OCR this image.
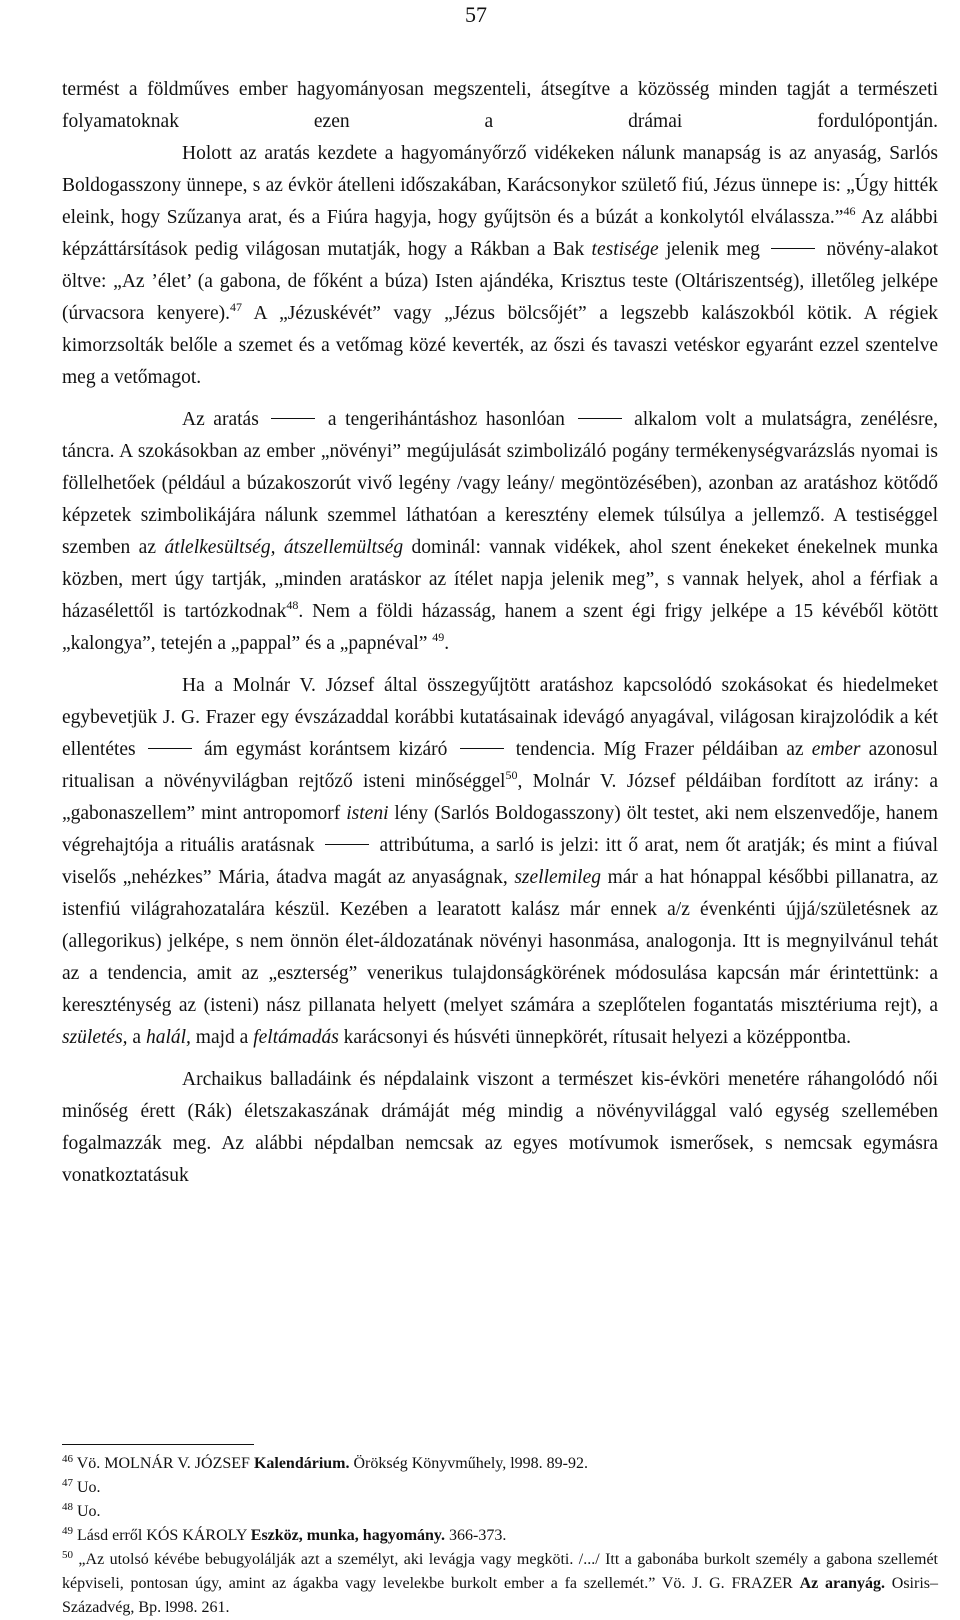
57

termést a földműves ember hagyományosan megszenteli, átsegítve a közösség minden tagját a természeti folyamatoknak ezen a drámai fordulópontján.

Holott az aratás kezdete a hagyományőrző vidékeken nálunk manapság is az anyaság, Sarlós Boldogasszony ünnepe, s az évkör átelleni időszakában, Karácsonykor születő fiú, Jézus ünnepe is: „Úgy hitték eleink, hogy Szűzanya arat, és a Fiúra hagyja, hogy gyűjtsön és a búzát a konkolytól elválassza.”$^{46}$ Az alábbi képzáttársítások pedig világosan mutatják, hogy a Rákban a Bak testisége jelenik meg	növény-alakot öltve: „Az ’élet’ (a gabona, de főként a búza) Isten ajándéka, Krisztus teste (Oltáriszentség), illetőleg jelképe (úrvacsora kenyere).$^{47}$ A „Jézuskévét” vagy „Jézus bölcsőjét” a legszebb kalászokból kötik. A régiek kimorzsolták belőle a szemet és a vetőmag közé keverték, az őszi és tavaszi vetéskor egyaránt ezzel szentelve meg a vetőmagot.

Az aratás	a tengerihántáshoz hasonlóan	alkalom volt a mulatságra, zenélésre, táncra. A szokásokban az ember „növényi” megújulását szimbolizáló pogány termékenységvarázslás nyomai is föllelhetőek (például a búzakoszorút vivő legény /vagy leány/ megöntözésében), azonban az aratáshoz kötődő képzetek szimbolikájára nálunk szemmel láthatóan a keresztény elemek túlsúlya a jellemző. A testiséggel szemben az átlelkesültség, átszellemültség dominál: vannak vidékek, ahol szent énekeket énekelnek munka közben, mert úgy tartják, „minden aratáskor az ítélet napja jelenik meg”, s vannak helyek, ahol a férfiak a házasélettől is tartózkodnak$^{48}$. Nem a földi házasság, hanem a szent égi frigy jelképe a 15 kévéből kötött „kalongya”, tetején a „pappal” és a „papnéval” $^{49}$.

Ha a Molnár V. József által összegyűjtött aratáshoz kapcsolódó szokásokat és hiedelmeket egybevetjük J. G. Frazer egy évszázaddal korábbi kutatásainak idevágó anyagával, világosan kirajzolódik a két ellentétes	ám egymást korántsem kizáró	tendencia. Míg Frazer példáiban az ember azonosul ritualisan a növényvilágban rejtőző isteni minőséggel$^{50}$, Molnár V. József példáiban fordított az irány: a „gabonaszellem” mint antropomorf isteni lény (Sarlós Boldogasszony) ölt testet, aki nem elszenvedője, hanem végrehajtója a rituális aratásnak	attribútuma, a sarló is jelzi: itt ő arat, nem őt aratják; és mint a fiúval viselős „nehézkes” Mária, átadva magát az anyaságnak, szellemileg már a hat hónappal későbbi pillanatra, az istenfiú világrahozatalára készül. Kezében a learatott kalász már ennek a/z évenkénti újjá/születésnek az (allegorikus) jelképe, s nem önnön élet-áldozatának növényi hasonmása, analogonja. Itt is megnyilvánul tehát az a tendencia, amit az „eszterség” venerikus tulajdonságkörének módosulása kapcsán már érintettünk: a kereszténység az (isteni) nász pillanata helyett (melyet számára a szeplőtelen fogantatás misztériuma rejt), a születés, a halál, majd a feltámadás karácsonyi és húsvéti ünnepkörét, rítusait helyezi a középpontba.

Archaikus balladáink és népdalaink viszont a természet kis-évköri menetére ráhangolódó női minőség érett (Rák) életszakaszának drámáját még mindig a növényvilággal való egység szellemében fogalmazzák meg. Az alábbi népdalban nemcsak az egyes motívumok ismerősek, s nemcsak egymásra vonatkoztatásuk

$^{46}$ Vö. MOLNÁR V. JÓZSEF Kalendárium. Örökség Könyvműhely, l998. 89-92.
$^{47}$ Uo.
$^{48}$ Uo.
$^{49}$ Lásd erről KÓS KÁROLY Eszköz, munka, hagyomány. 366-373.
$^{50}$ „Az utolsó kévébe bebugyolálják azt a személyt, aki levágja vagy megköti. /.../ Itt a gabonába burkolt személy a gabona szellemét képviseli, pontosan úgy, amint az ágakba vagy levelekbe burkolt ember a fa szellemét.” Vö. J. G. FRAZER Az aranyág. Osiris–Századvég, Bp. l998. 261.
